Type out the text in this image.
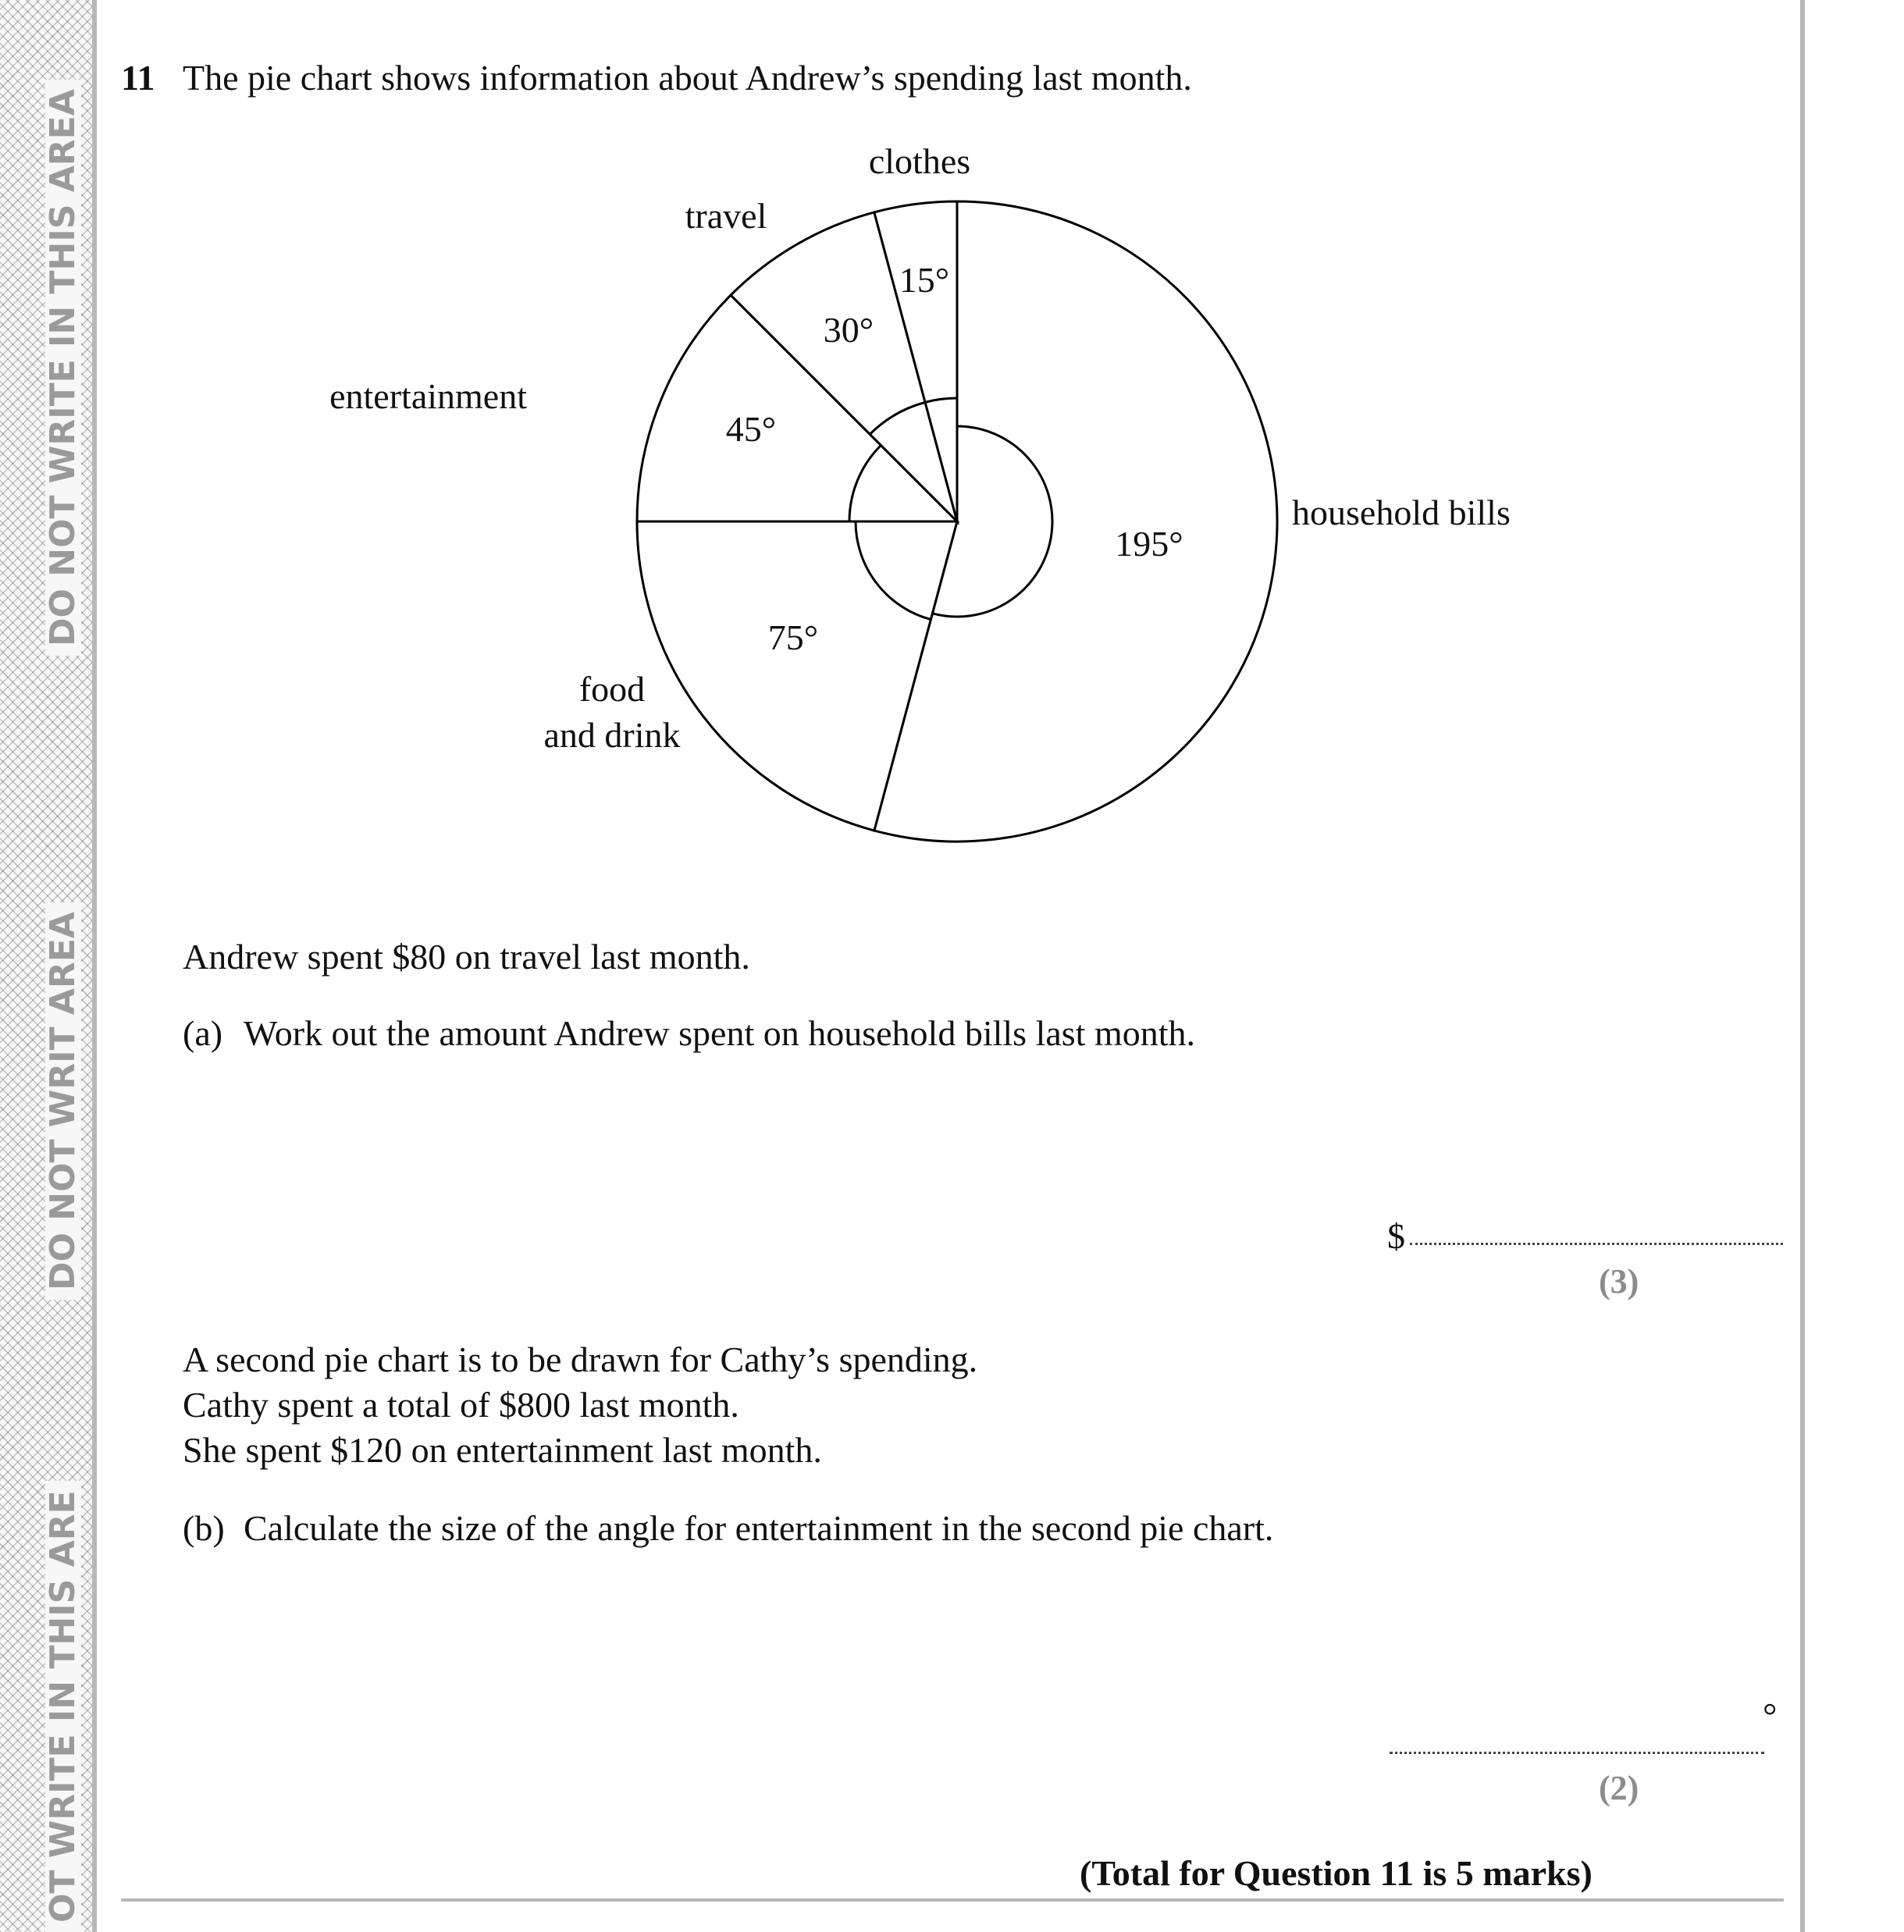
DO NOT WRITE IN THIS AREA
DO NOT WRIT AREA
OT WRITE IN THIS ARE
11 The pie chart shows information about Andrew’s spending last month.
195°
75°
45°
30°
15°
household bills
food
and drink
entertainment
travel
clothes
Andrew spent $80 on travel last month.
(a) Work out the amount Andrew spent on household bills last month.
$
(3)
A second pie chart is to be drawn for Cathy’s spending.
Cathy spent a total of $800 last month.
She spent $120 on entertainment last month.
(b) Calculate the size of the angle for entertainment in the second pie chart.
°
(2)
(Total for Question 11 is 5 marks)
